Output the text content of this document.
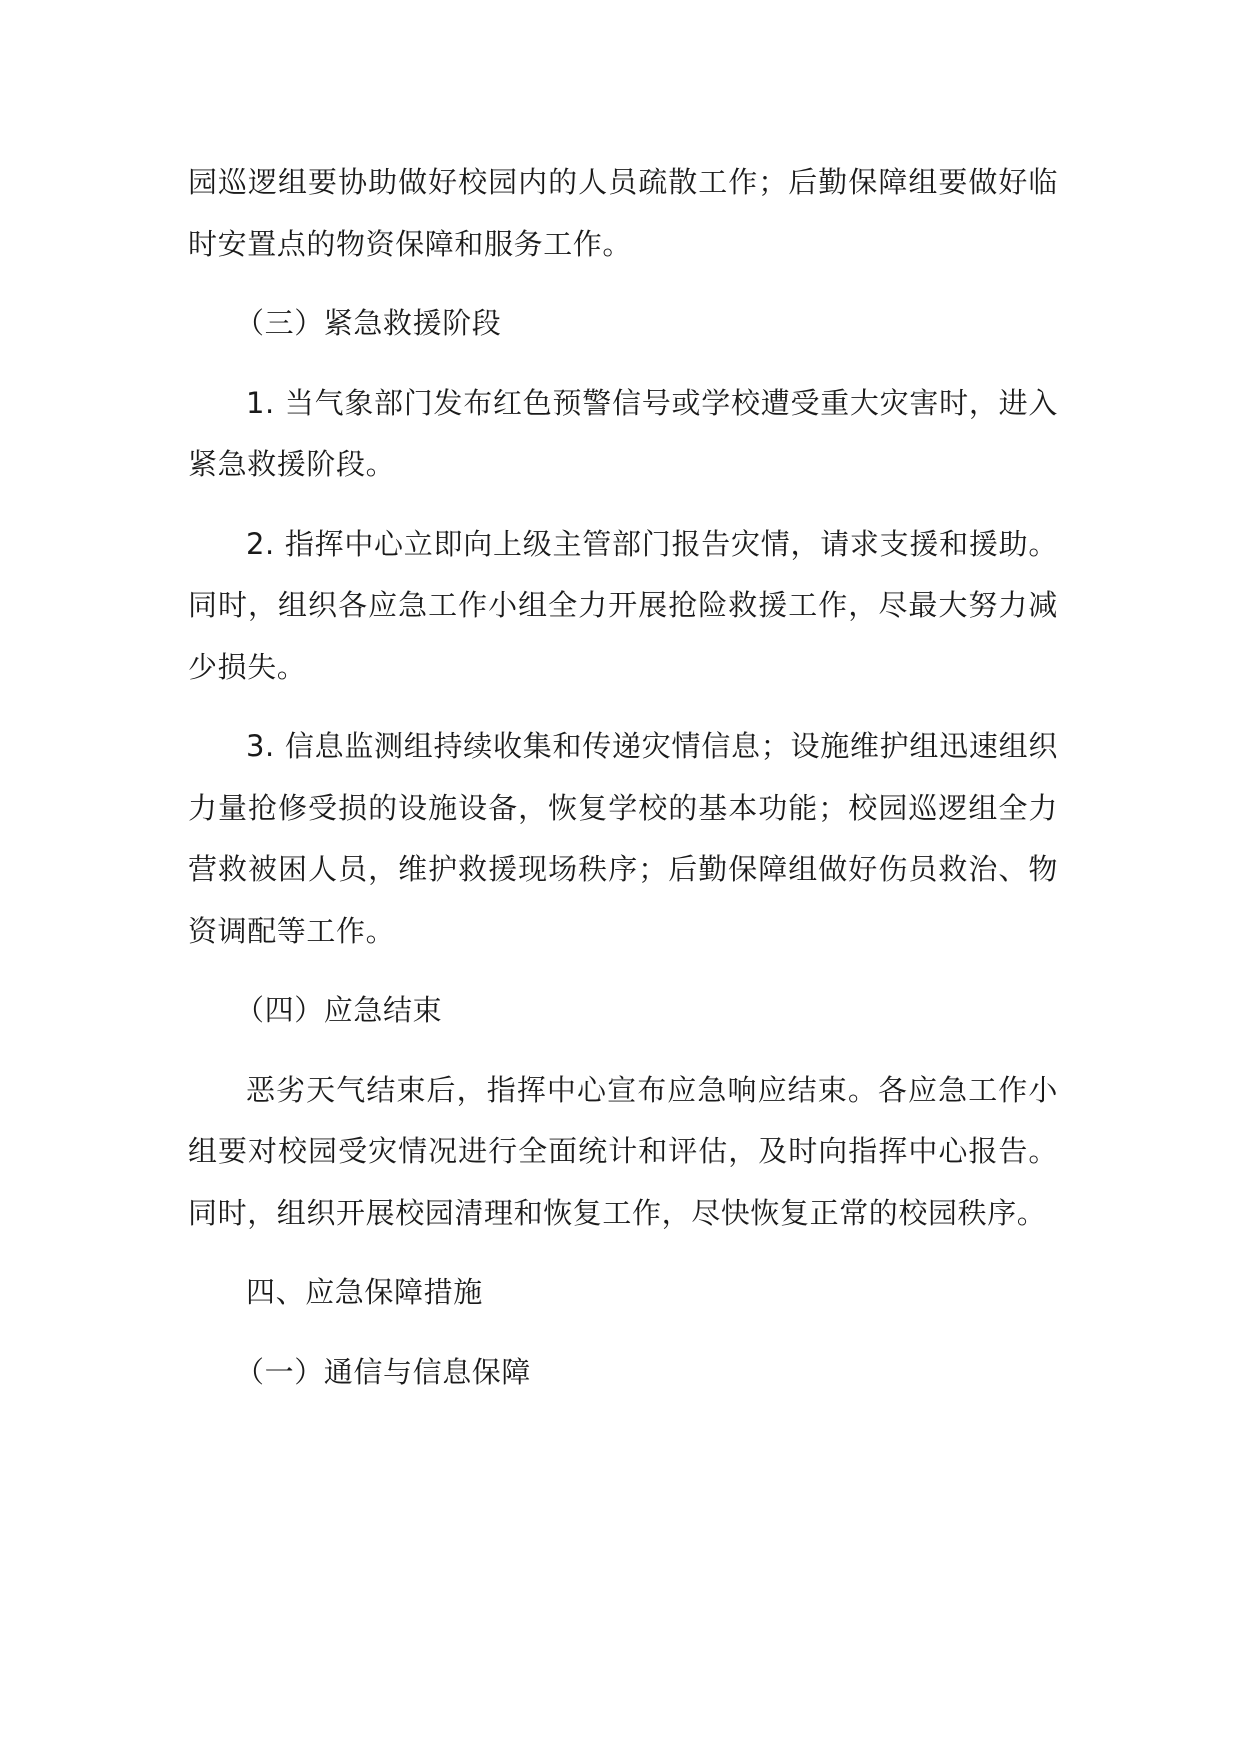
园巡逻组要协助做好校园内的人员疏散工作；后勤保障组要做好临时安置点的物资保障和服务工作。

（三）紧急救援阶段

1. 当气象部门发布红色预警信号或学校遭受重大灾害时，进入紧急救援阶段。

2. 指挥中心立即向上级主管部门报告灾情，请求支援和援助。同时，组织各应急工作小组全力开展抢险救援工作，尽最大努力减少损失。

3. 信息监测组持续收集和传递灾情信息；设施维护组迅速组织力量抢修受损的设施设备，恢复学校的基本功能；校园巡逻组全力营救被困人员，维护救援现场秩序；后勤保障组做好伤员救治、物资调配等工作。

（四）应急结束

恶劣天气结束后，指挥中心宣布应急响应结束。各应急工作小组要对校园受灾情况进行全面统计和评估，及时向指挥中心报告。同时，组织开展校园清理和恢复工作，尽快恢复正常的校园秩序。

四、应急保障措施

（一）通信与信息保障
